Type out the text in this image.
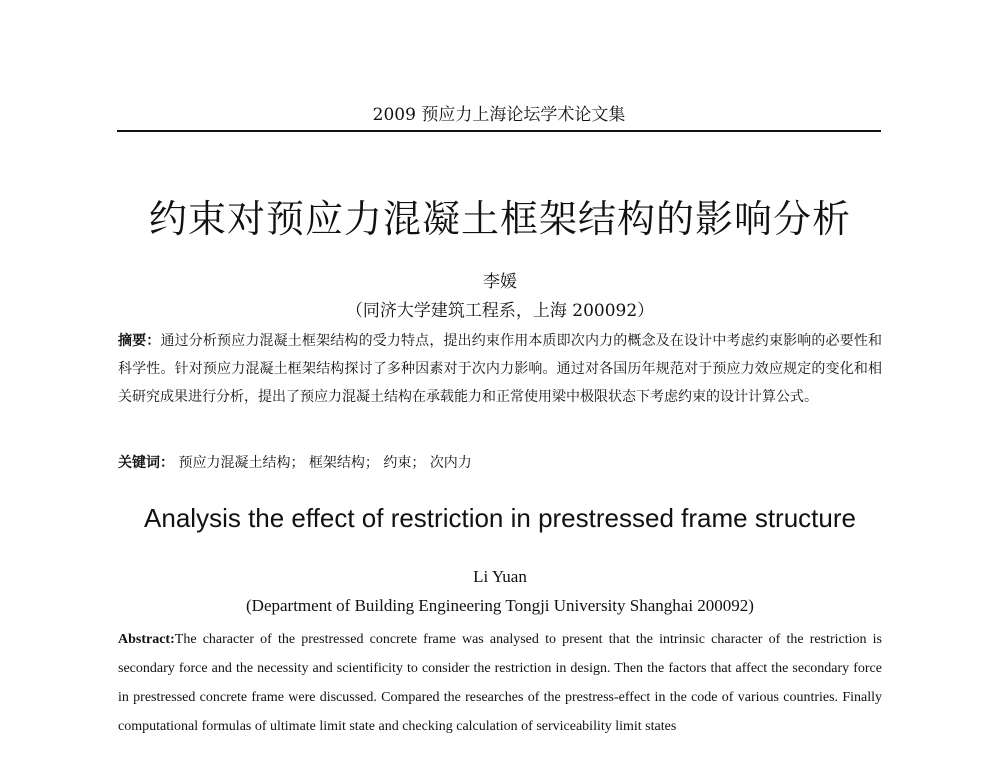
2009 预应力上海论坛学术论文集
约束对预应力混凝土框架结构的影响分析
李媛
（同济大学建筑工程系，上海 200092）
摘要：通过分析预应力混凝土框架结构的受力特点，提出约束作用本质即次内力的概念及在设计中考虑约束影响的必要性和科学性。针对预应力混凝土框架结构探讨了多种因素对于次内力影响。通过对各国历年规范对于预应力效应规定的变化和相关研究成果进行分析，提出了预应力混凝土结构在承载能力和正常使用梁中极限状态下考虑约束的设计计算公式。
关键词： 预应力混凝土结构 ； 框架结构 ； 约束 ； 次内力
Analysis the effect of restriction in prestressed frame structure
Li Yuan
(Department of Building Engineering Tongji University Shanghai 200092)
Abstract:The character of the prestressed concrete frame was analysed to present that the intrinsic character of the restriction is secondary force and the necessity and scientificity to consider the restriction in design. Then the factors that affect the secondary force in prestressed concrete frame were discussed. Compared the researches of the prestress-effect in the code of various countries. Finally computational formulas of ultimate limit state and checking calculation of serviceability limit states
